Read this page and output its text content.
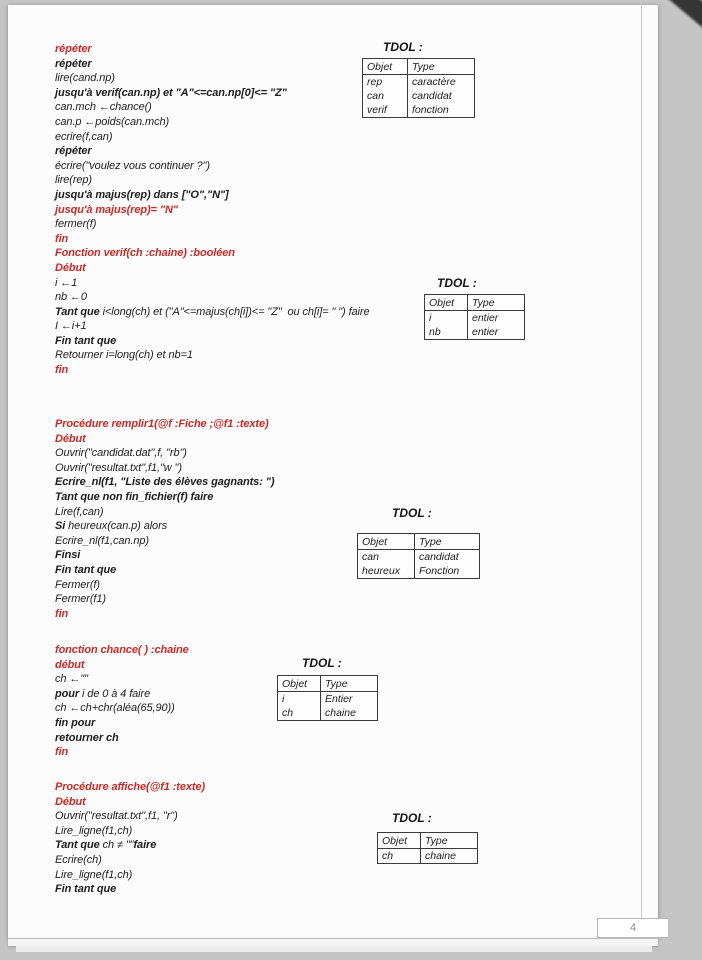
répéter
répéter
lire(cand.np)
jusqu'à verif(can.np) et "A"<=can.np[0]<= "Z"
can.mch ←chance()
can.p ←poids(can.mch)
ecrire(f,can)
répéter
écrire("voulez vous continuer ?")
lire(rep)
jusqu'à majus(rep) dans ["O","N"]
jusqu'à majus(rep)= "N"
fermer(f)
fin
Fonction verif(ch :chaine) :booléen
Début
i ←1
nb ←0
Tant que i<long(ch) et ("A"<=majus(ch[i])<= "Z"  ou ch[i]= " ") faire
I ←i+1
Fin tant que
Retourner i=long(ch) et nb=1
fin
Procédure remplir1(@f :Fiche ;@f1 :texte)
Début
Ouvrir("candidat.dat",f, "rb")
Ouvrir("resultat.txt",f1,"w ")
Ecrire_nl(f1, "Liste des élèves gagnants: ")
Tant que non fin_fichier(f) faire
Lire(f,can)
Si heureux(can.p) alors
Ecrire_nl(f1,can.np)
Finsi
Fin tant que
Fermer(f)
Fermer(f1)
fin
fonction chance( ) :chaine
début
ch ←""
pour i de 0 à 4 faire
ch ←ch+chr(aléa(65,90))
fin pour
retourner ch
fin
Procédure affiche(@f1 :texte)
Début
Ouvrir("resultat.txt",f1, "r")
Lire_ligne(f1,ch)
Tant que ch ≠ ""faire
Ecrire(ch)
Lire_ligne(f1,ch)
Fin tant que
TDOL :
Objet	Type
rep	caractère
can	candidat
verif	fonction
TDOL :
Objet	Type
i	entier
nb	entier
TDOL :
Objet	Type
can	candidat
heureux	Fonction
TDOL :
Objet	Type
i	Entier
ch	chaine
TDOL :
Objet	Type
ch	chaine
4
